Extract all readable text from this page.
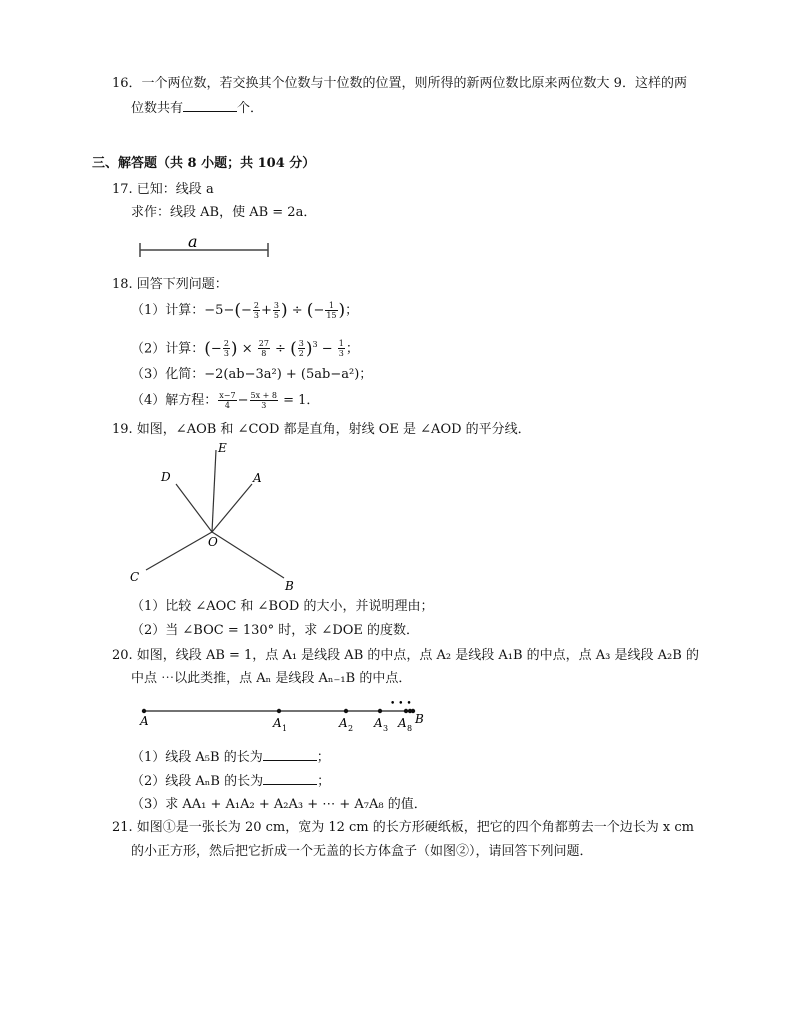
16．一个两位数，若交换其个位数与十位数的位置，则所得的新两位数比原来两位数大 9．这样的两
位数共有	个．
三、解答题（共 8 小题；共 104 分）
17. 已知：线段 a
求作：线段 AB，使 AB = 2a．
a
18. 回答下列问题：
（1）计算：$-5-(- \frac{2}{3} + \frac{3}{5}$ ) ÷ (− $\frac{1}{15}$ )；
（2）计算：(− $\frac{2}{3}$ ) × $\frac{27}{8}$ ÷ ( $\frac{3}{2} )^3 - \frac{1}{3}$ ；
（3）化简：−2(ab−3a²) + (5ab−a²)；
（4）解方程： $\frac{x-7}{4} - \frac{5x + 8}{3} = 1$．
19. 如图，∠AOB 和 ∠COD 都是直角，射线 OE 是 ∠AOD 的平分线．
E
D	A
O
C
B
（1）比较 ∠AOC 和 ∠BOD 的大小，并说明理由；
（2）当 ∠BOC = 130° 时，求 ∠DOE 的度数．
20. 如图，线段 AB = 1，点 A₁ 是线段 AB 的中点，点 A₂ 是线段 A₁B 的中点，点 A₃ 是线段 A₂B 的
中点 ⋯以此类推，点 Aₙ 是线段 Aₙ₋₁B 的中点．
• • •
A	A 1	A 2 A 3 A 8
B
（1）线段 A₅B 的长为	；
（2）线段 AₙB 的长为	；
（3）求 AA₁ + A₁A₂ + A₂A₃ + ⋯ + A₇A₈ 的值．
21. 如图①是一张长为 20 cm，宽为 12 cm 的长方形硬纸板，把它的四个角都剪去一个边长为 x cm
的小正方形，然后把它折成一个无盖的长方体盒子（如图②），请回答下列问题．
